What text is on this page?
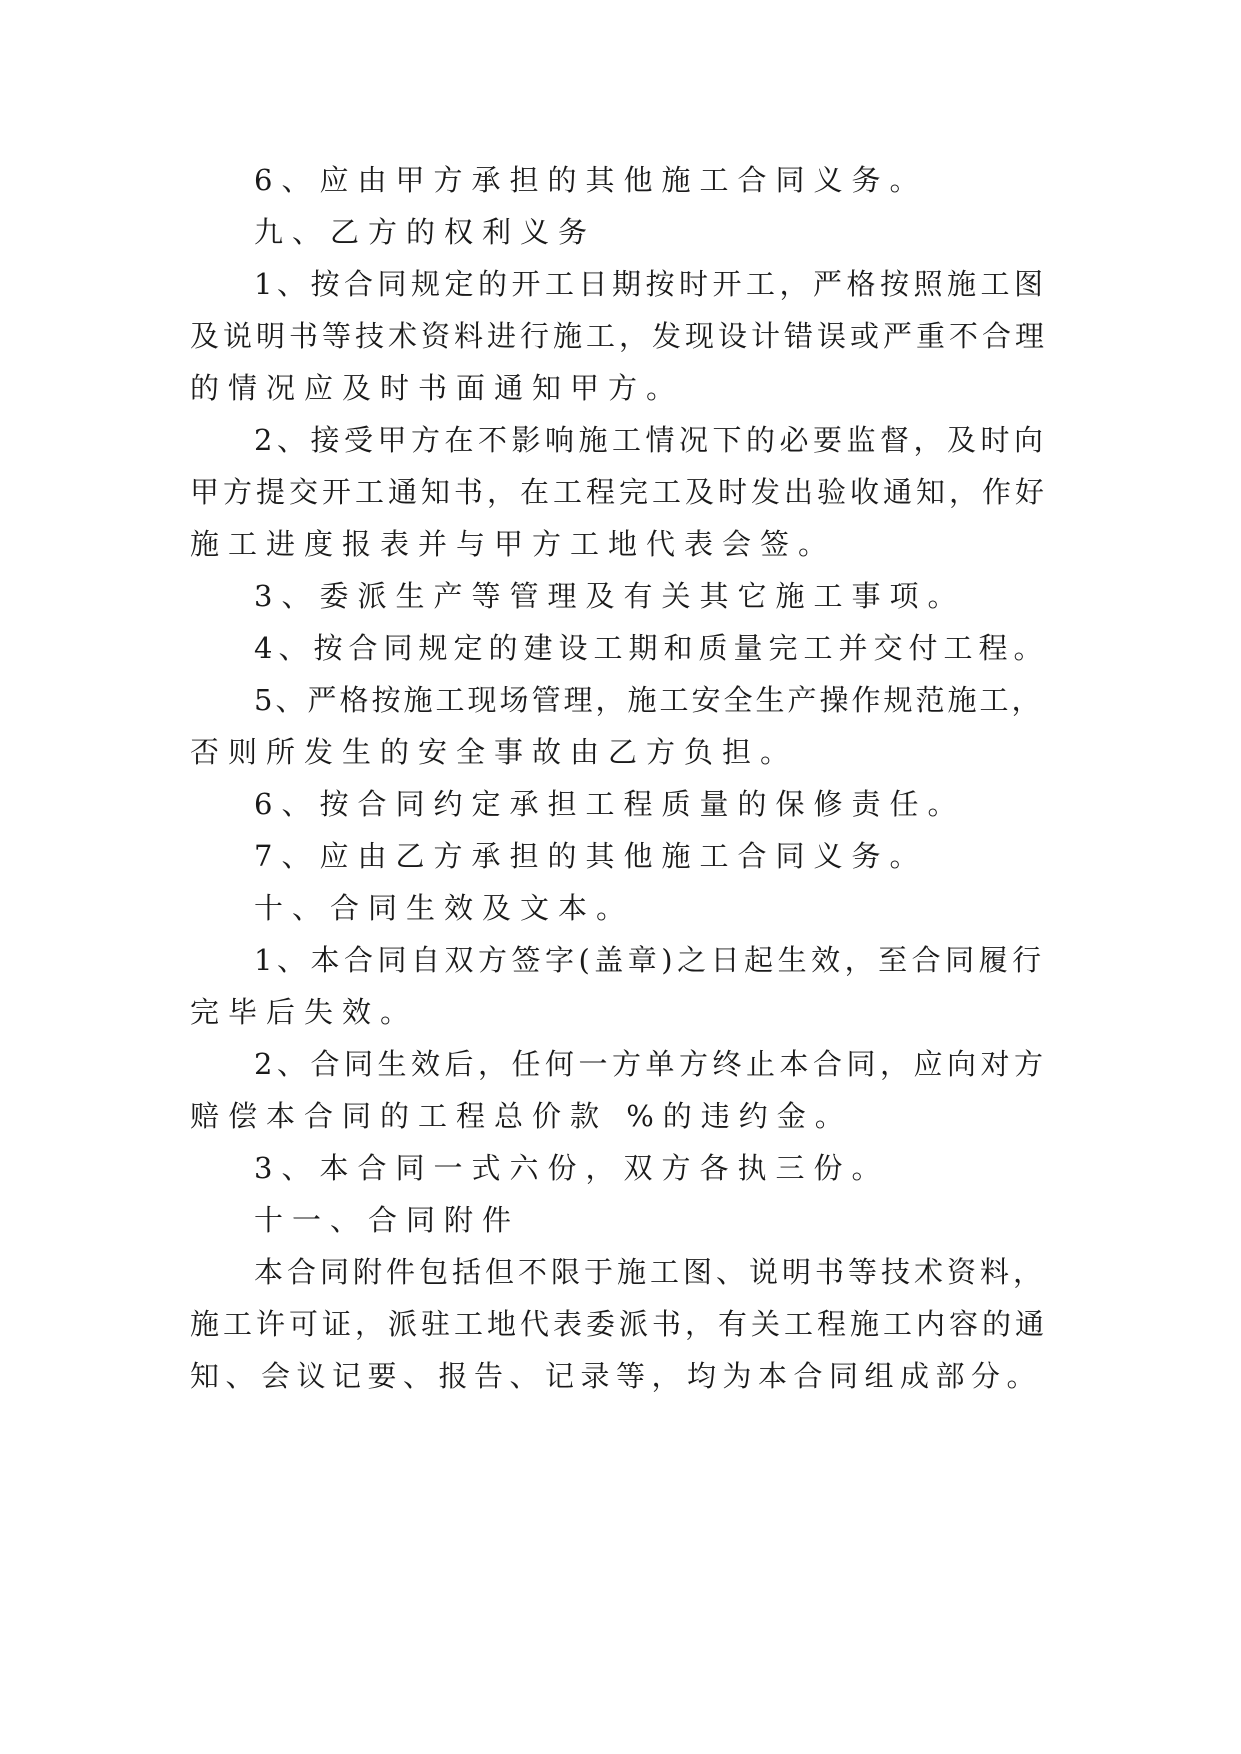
6、应由甲方承担的其他施工合同义务。
九、乙方的权利义务
1、按合同规定的开工日期按时开工，严格按照施工图
及说明书等技术资料进行施工，发现设计错误或严重不合理
的情况应及时书面通知甲方。
2、接受甲方在不影响施工情况下的必要监督，及时向
甲方提交开工通知书，在工程完工及时发出验收通知，作好
施工进度报表并与甲方工地代表会签。
3、委派生产等管理及有关其它施工事项。
4、按合同规定的建设工期和质量完工并交付工程。
5、严格按施工现场管理，施工安全生产操作规范施工，
否则所发生的安全事故由乙方负担。
6、按合同约定承担工程质量的保修责任。
7、应由乙方承担的其他施工合同义务。
十、合同生效及文本。
1、本合同自双方签字(盖章)之日起生效，至合同履行
完毕后失效。
2、合同生效后，任何一方单方终止本合同，应向对方
赔偿本合同的工程总价款 %的违约金。
3、本合同一式六份，双方各执三份。
十一、合同附件
本合同附件包括但不限于施工图、说明书等技术资料，
施工许可证，派驻工地代表委派书，有关工程施工内容的通
知、会议记要、报告、记录等，均为本合同组成部分。
